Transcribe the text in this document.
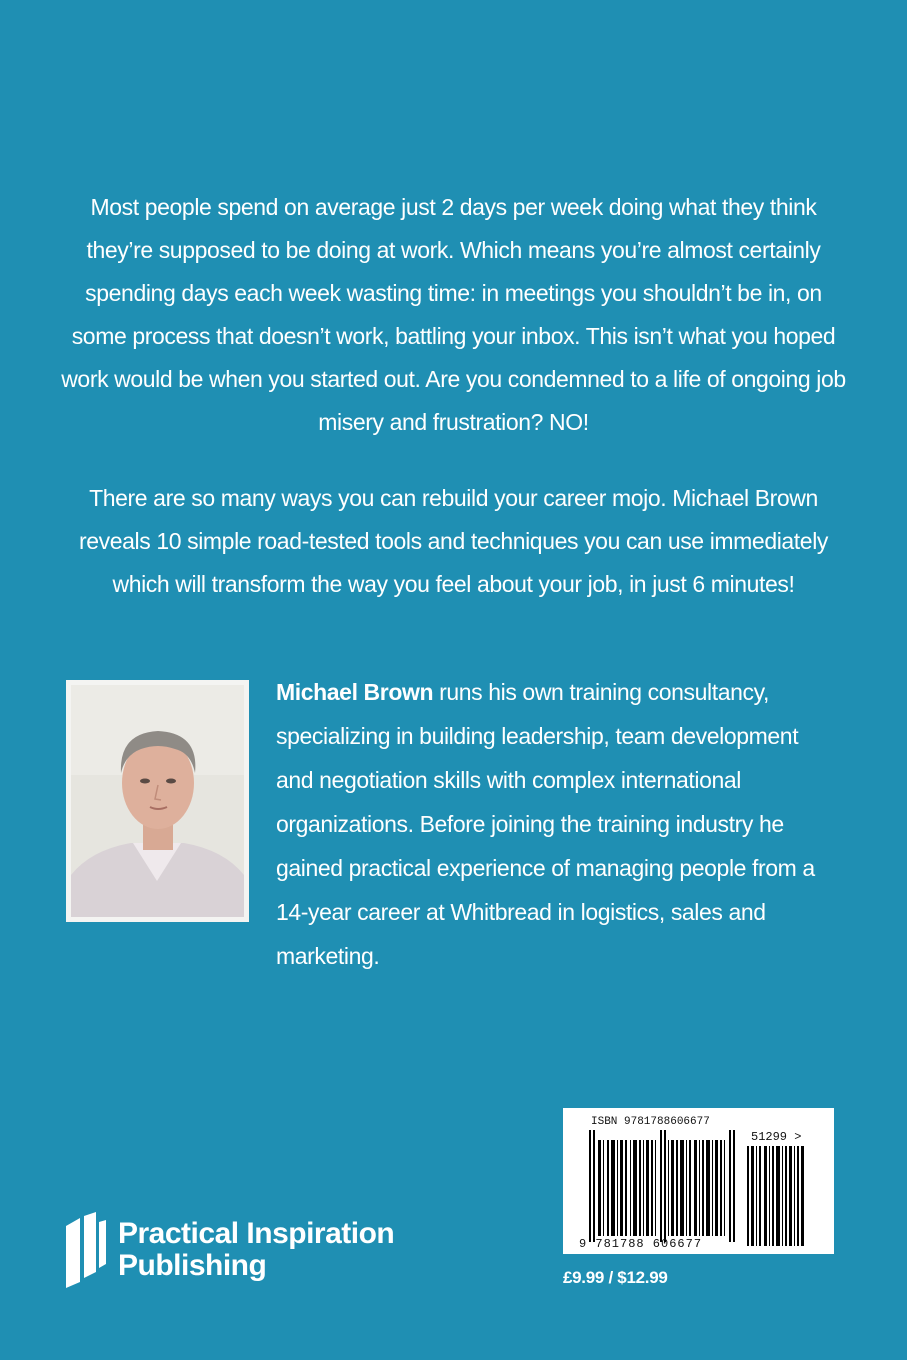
Most people spend on average just 2 days per week doing what they think they’re supposed to be doing at work. Which means you’re almost certainly spending days each week wasting time: in meetings you shouldn’t be in, on some process that doesn’t work, battling your inbox. This isn’t what you hoped work would be when you started out. Are you condemned to a life of ongoing job misery and frustration? NO!

There are so many ways you can rebuild your career mojo. Michael Brown reveals 10 simple road-tested tools and techniques you can use immediately which will transform the way you feel about your job, in just 6 minutes!

Michael Brown runs his own training consultancy, specializing in building leadership, team development and negotiation skills with complex international organizations. Before joining the training industry he gained practical experience of managing people from a 14-year career at Whitbread in logistics, sales and marketing.

ISBN 9781788606677
51299 >
9 781788 606677
£9.99 / $12.99
Practical Inspiration
Publishing
